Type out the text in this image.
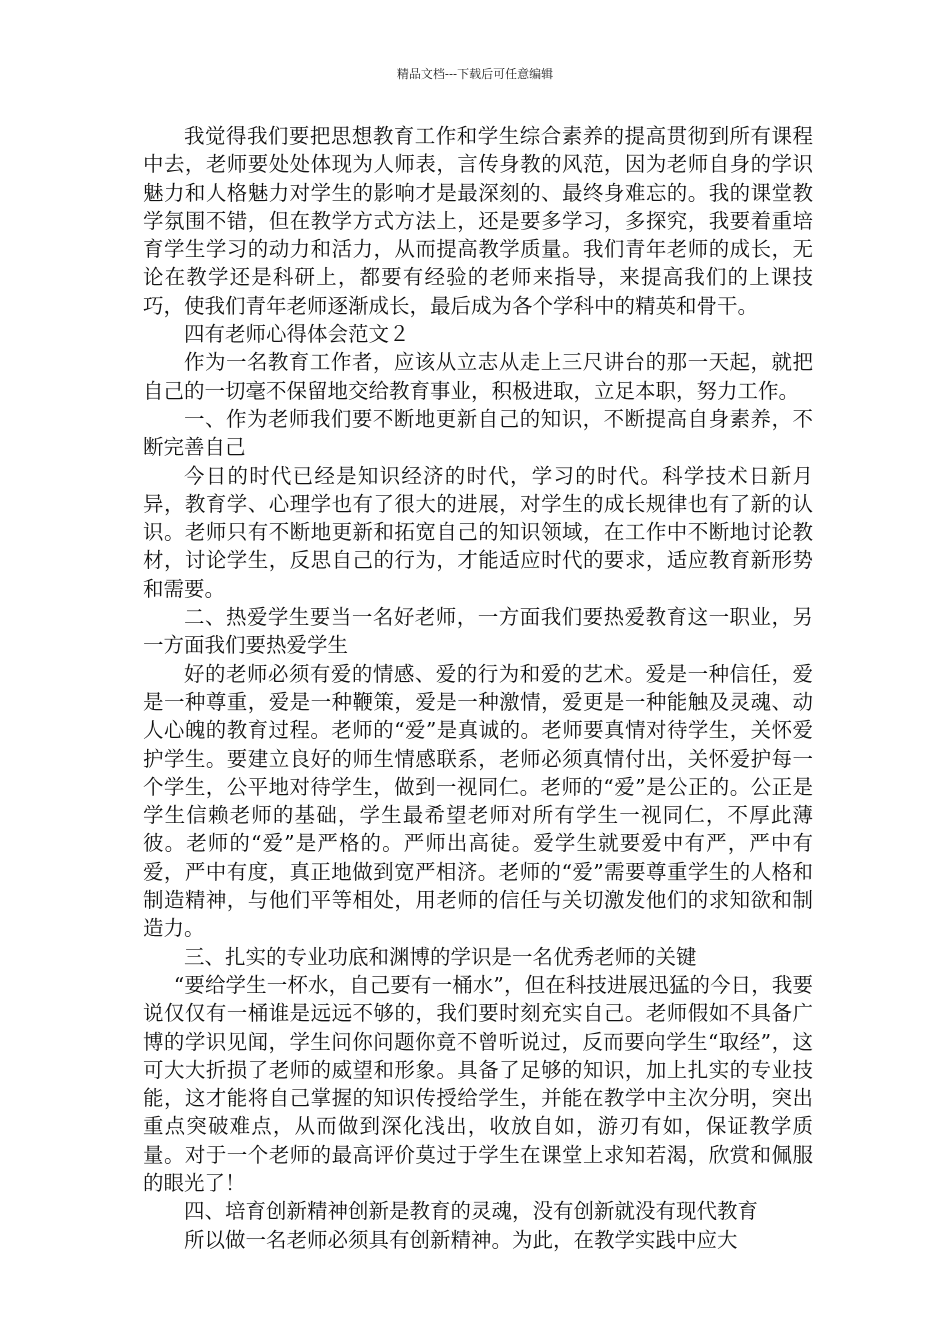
精品文档---下载后可任意编辑

我觉得我们要把思想教育工作和学生综合素养的提高贯彻到所有课程中去，老师要处处体现为人师表，言传身教的风范，因为老师自身的学识魅力和人格魅力对学生的影响才是最深刻的、最终身难忘的。我的课堂教学氛围不错，但在教学方式方法上，还是要多学习，多探究，我要着重培育学生学习的动力和活力，从而提高教学质量。我们青年老师的成长，无论在教学还是科研上，都要有经验的老师来指导，来提高我们的上课技巧，使我们青年老师逐渐成长，最后成为各个学科中的精英和骨干。

四有老师心得体会范文２

作为一名教育工作者，应该从立志从走上三尺讲台的那一天起，就把自己的一切毫不保留地交给教育事业，积极进取，立足本职，努力工作。

一、作为老师我们要不断地更新自己的知识，不断提高自身素养，不断完善自己

今日的时代已经是知识经济的时代，学习的时代。科学技术日新月异，教育学、心理学也有了很大的进展，对学生的成长规律也有了新的认识。老师只有不断地更新和拓宽自己的知识领域，在工作中不断地讨论教材，讨论学生，反思自己的行为，才能适应时代的要求，适应教育新形势和需要。

二、热爱学生要当一名好老师，一方面我们要热爱教育这一职业，另一方面我们要热爱学生

好的老师必须有爱的情感、爱的行为和爱的艺术。爱是一种信任，爱是一种尊重，爱是一种鞭策，爱是一种激情，爱更是一种能触及灵魂、动人心魄的教育过程。老师的“爱”是真诚的。老师要真情对待学生，关怀爱护学生。要建立良好的师生情感联系，老师必须真情付出，关怀爱护每一个学生，公平地对待学生，做到一视同仁。老师的“爱”是公正的。公正是学生信赖老师的基础，学生最希望老师对所有学生一视同仁，不厚此薄彼。老师的“爱”是严格的。严师出高徒。爱学生就要爱中有严，严中有爱，严中有度，真正地做到宽严相济。老师的“爱”需要尊重学生的人格和制造精神，与他们平等相处，用老师的信任与关切激发他们的求知欲和制造力。

三、扎实的专业功底和渊博的学识是一名优秀老师的关键

“要给学生一杯水，自己要有一桶水”，但在科技进展迅猛的今日，我要说仅仅有一桶谁是远远不够的，我们要时刻充实自己。老师假如不具备广博的学识见闻，学生问你问题你竟不曾听说过，反而要向学生“取经”，这可大大折损了老师的威望和形象。具备了足够的知识，加上扎实的专业技能，这才能将自己掌握的知识传授给学生，并能在教学中主次分明，突出重点突破难点，从而做到深化浅出，收放自如，游刃有如，保证教学质量。对于一个老师的最高评价莫过于学生在课堂上求知若渴，欣赏和佩服的眼光了！

四、培育创新精神创新是教育的灵魂，没有创新就没有现代教育

所以做一名老师必须具有创新精神。为此，在教学实践中应大
